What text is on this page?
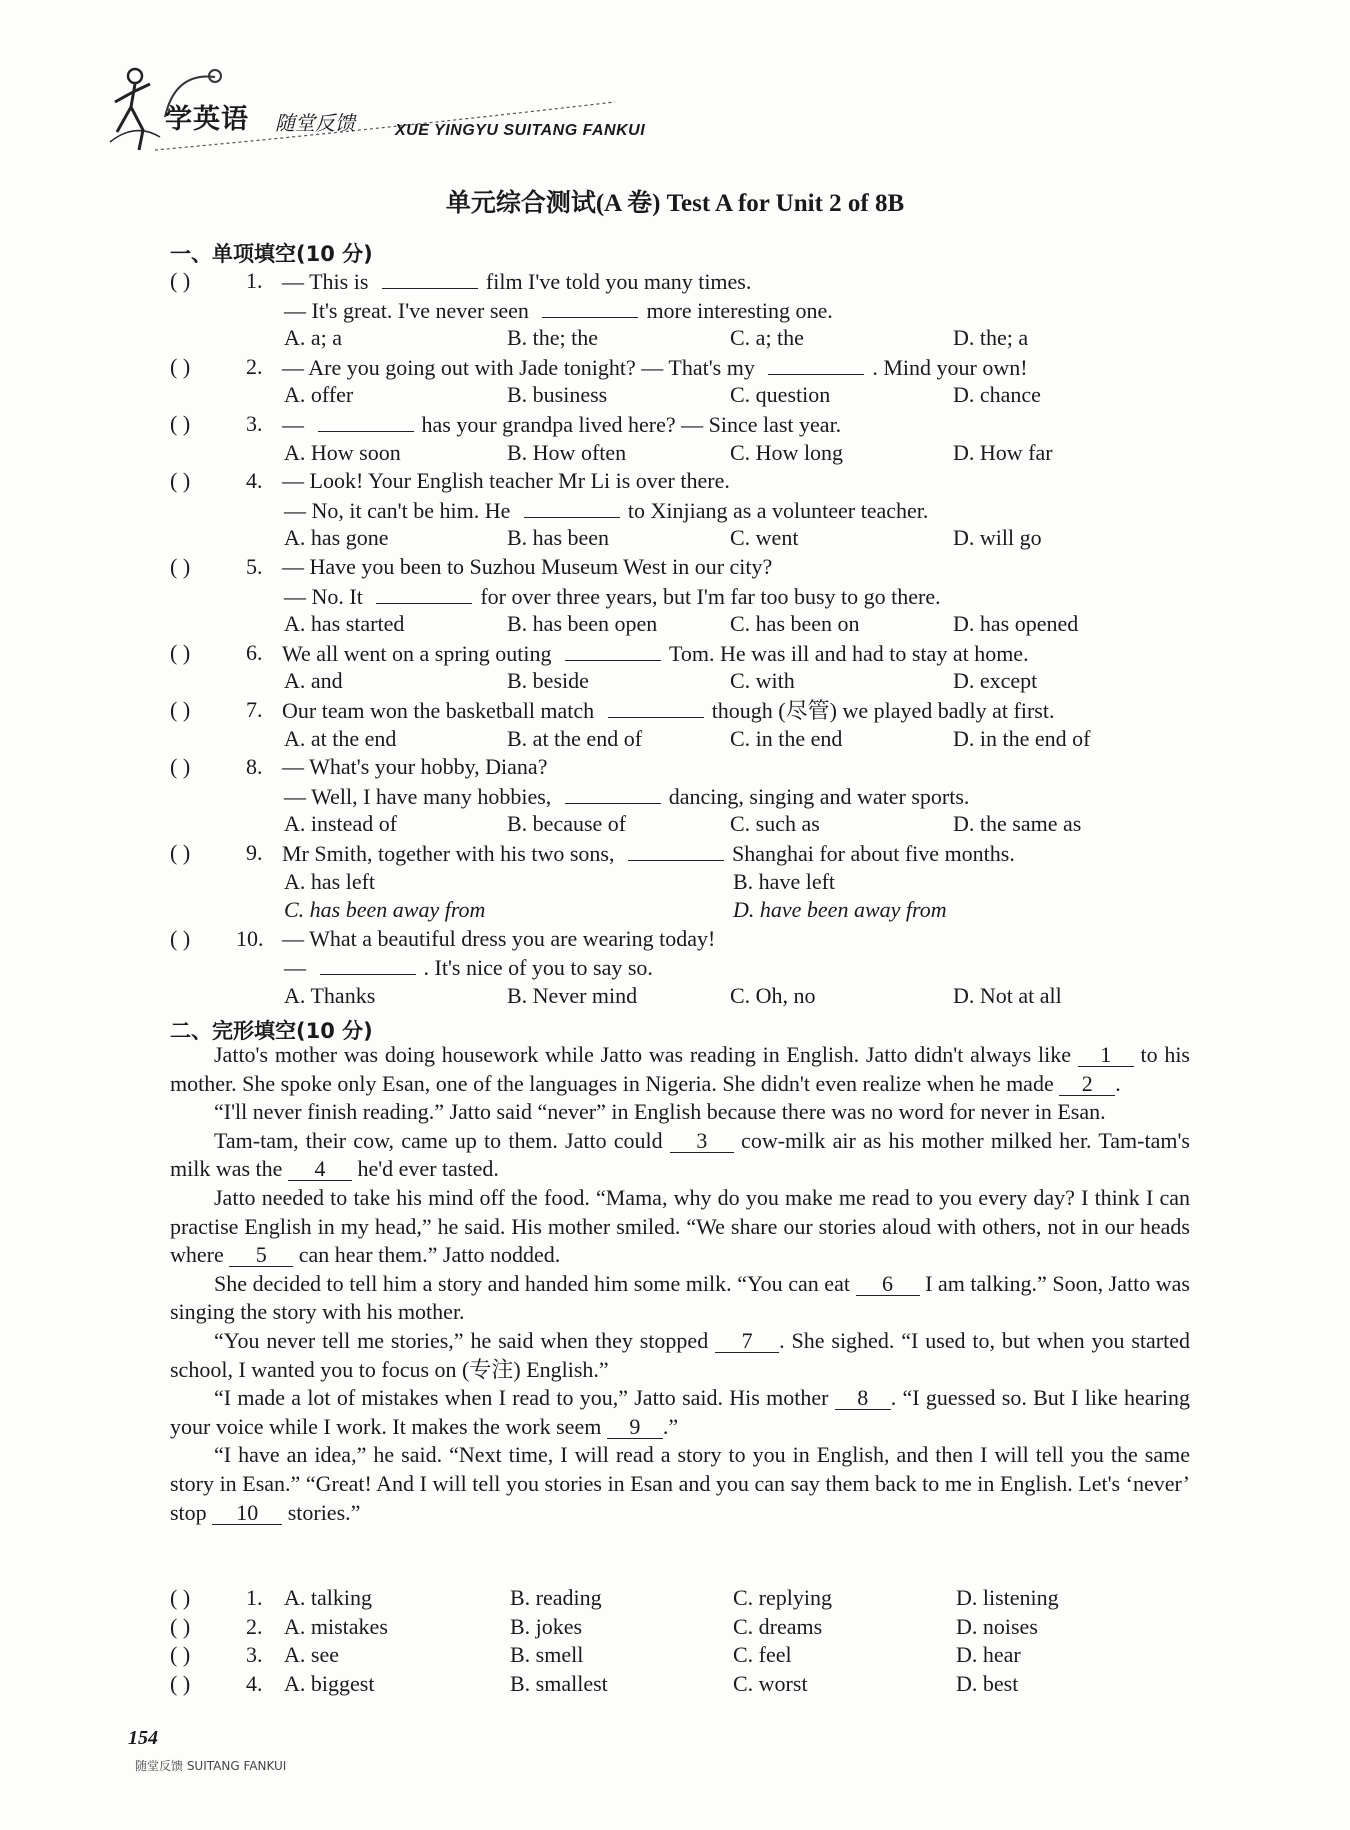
学英语 随堂反馈	XUE YINGYU SUITANG FANKUI
单元综合测试(A 卷) Test A for Unit 2 of 8B
一、单项填空(10 分)
( )	1. — This is	film I've told you many times.
— It's great. I've never seen	more interesting one.
A. a; a	B. the; the	C. a; the	D. the; a
( )	2. — Are you going out with Jade tonight? — That's my	. Mind your own!
A. offer	B. business	C. question	D. chance
( )	3. —	has your grandpa lived here? — Since last year.
A. How soon	B. How often	C. How long	D. How far
( )	4. — Look! Your English teacher Mr Li is over there.
— No, it can't be him. He	to Xinjiang as a volunteer teacher.
A. has gone	B. has been	C. went	D. will go
( )	5. — Have you been to Suzhou Museum West in our city?
— No. It	for over three years, but I'm far too busy to go there.
A. has started	B. has been open	C. has been on	D. has opened
( )	6. We all went on a spring outing	Tom. He was ill and had to stay at home.
A. and	B. beside	C. with	D. except
( )	7. Our team won the basketball match	though (尽管) we played badly at first.
A. at the end	B. at the end of	C. in the end	D. in the end of
( )	8. — What's your hobby, Diana?
— Well, I have many hobbies,	dancing, singing and water sports.
A. instead of	B. because of	C. such as	D. the same as
( )	9. Mr Smith, together with his two sons,	Shanghai for about five months.
A. has left	B. have left
C. has been away from	D. have been away from
( ) 10. — What a beautiful dress you are wearing today!
—	. It's nice of you to say so.
A. Thanks	B. Never mind	C. Oh, no	D. Not at all
二、完形填空(10 分)

Jatto's mother was doing housework while Jatto was reading in English. Jatto didn't always like 1 to his mother. She spoke only Esan, one of the languages in Nigeria. She didn't even realize when he made 2 .

“I'll never finish reading.” Jatto said “never” in English because there was no word for never in Esan.

Tam-tam, their cow, came up to them. Jatto could 3 cow-milk air as his mother milked her. Tam-tam's milk was the 4 he'd ever tasted.

Jatto needed to take his mind off the food. “Mama, why do you make me read to you every day? I think I can practise English in my head,” he said. His mother smiled. “We share our stories aloud with others, not in our heads where 5 can hear them.” Jatto nodded.

She decided to tell him a story and handed him some milk. “You can eat 6 I am talking.” Soon, Jatto was singing the story with his mother.

“You never tell me stories,” he said when they stopped 7 . She sighed. “I used to, but when you started school, I wanted you to focus on (专注) English.”

“I made a lot of mistakes when I read to you,” Jatto said. His mother 8 . “I guessed so. But I like hearing your voice while I work. It makes the work seem 9 .”

“I have an idea,” he said. “Next time, I will read a story to you in English, and then I will tell you the same story in Esan.” “Great! And I will tell you stories in Esan and you can say them back to me in English. Let's ‘never’ stop 10 stories.”

( )	1. A. talking	B. reading	C. replying	D. listening
( )	2. A. mistakes	B. jokes	C. dreams	D. noises
( )	3. A. see	B. smell	C. feel	D. hear
( )	4. A. biggest	B. smallest	C. worst	D. best
154
随堂反馈 SUITANG FANKUI
